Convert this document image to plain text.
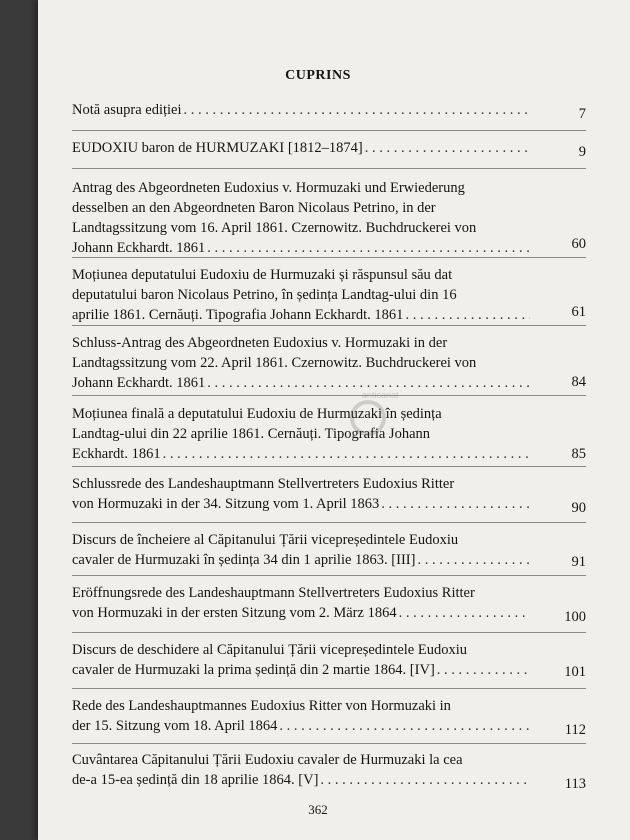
CUPRINS
Notă asupra ediției . . .	7
EUDOXIU baron de HURMUZAKI [1812–1874] . . .	9
Antrag des Abgeordneten Eudoxius v. Hormuzaki und Erwiederung
desselben an den Abgeordneten Baron Nicolaus Petrino, in der
Landtagssitzung vom 16. April 1861. Czernowitz. Buchdruckerei von
Johann Eckhardt. 1861 . . .	60
Moțiunea deputatului Eudoxiu de Hurmuzaki și răspunsul său dat
deputatului baron Nicolaus Petrino, în ședința Landtag-ului din 16
aprilie 1861. Cernăuți. Tipografia Johann Eckhardt. 1861 . . .	61
Schluss-Antrag des Abgeordneten Eudoxius v. Hormuzaki in der
Landtagssitzung vom 22. April 1861. Czernowitz. Buchdruckerei von
Johann Eckhardt. 1861 . . .	84
Moțiunea finală a deputatului Eudoxiu de Hurmuzaki în ședința
Landtag-ului din 22 aprilie 1861. Cernăuți. Tipografia Johann
Eckhardt. 1861 . . .	85
Schlussrede des Landeshauptmann Stellvertreters Eudoxius Ritter
von Hormuzaki in der 34. Sitzung vom 1. April 1863 . . .	90
Discurs de încheiere al Căpitanului Țării vicepreședintele Eudoxiu
cavaler de Hurmuzaki în ședința 34 din 1 aprilie 1863. [III] . . .	91
Eröffnungsrede des Landeshauptmann Stellvertreters Eudoxius Ritter
von Hormuzaki in der ersten Sitzung vom 2. März 1864 . . .	100
Discurs de deschidere al Căpitanului Țării vicepreședintele Eudoxiu
cavaler de Hurmuzaki la prima ședință din 2 martie 1864. [IV] . . .	101
Rede des Landeshauptmannes Eudoxius Ritter von Hormuzaki in
der 15. Sitzung vom 18. April 1864 . . .	112
Cuvântarea Căpitanului Țării Eudoxiu cavaler de Hurmuzaki la cea
de-a 15-ea ședință din 18 aprilie 1864. [V] . . .	113
anticariat
362
